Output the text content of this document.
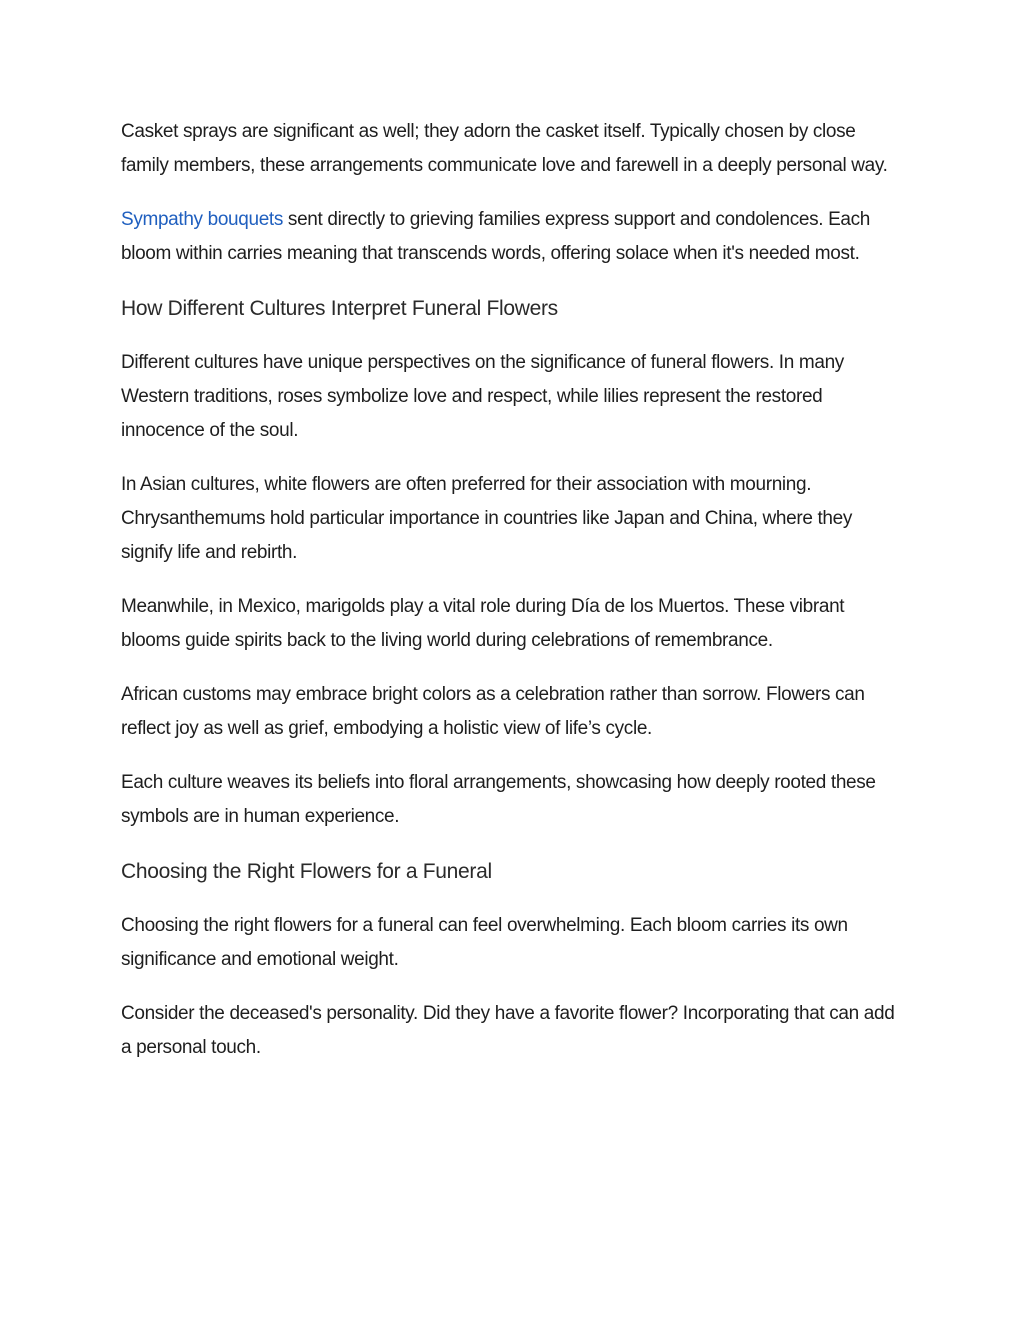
Casket sprays are significant as well; they adorn the casket itself. Typically chosen by close family members, these arrangements communicate love and farewell in a deeply personal way.

Sympathy bouquets sent directly to grieving families express support and condolences. Each bloom within carries meaning that transcends words, offering solace when it's needed most.

How Different Cultures Interpret Funeral Flowers

Different cultures have unique perspectives on the significance of funeral flowers. In many Western traditions, roses symbolize love and respect, while lilies represent the restored innocence of the soul.

In Asian cultures, white flowers are often preferred for their association with mourning. Chrysanthemums hold particular importance in countries like Japan and China, where they signify life and rebirth.

Meanwhile, in Mexico, marigolds play a vital role during Día de los Muertos. These vibrant blooms guide spirits back to the living world during celebrations of remembrance.

African customs may embrace bright colors as a celebration rather than sorrow. Flowers can reflect joy as well as grief, embodying a holistic view of life’s cycle.

Each culture weaves its beliefs into floral arrangements, showcasing how deeply rooted these symbols are in human experience.

Choosing the Right Flowers for a Funeral

Choosing the right flowers for a funeral can feel overwhelming. Each bloom carries its own significance and emotional weight.

Consider the deceased's personality. Did they have a favorite flower? Incorporating that can add a personal touch.
